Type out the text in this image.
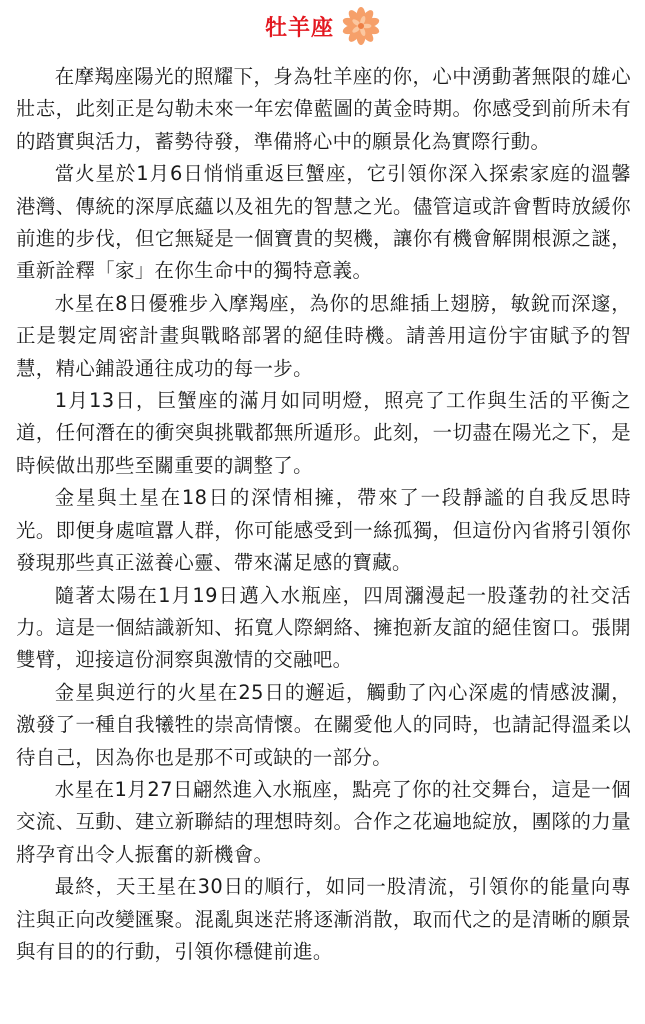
牡羊座

在摩羯座陽光的照耀下，身為牡羊座的你，心中湧動著無限的雄心壯志，此刻正是勾勒未來一年宏偉藍圖的黃金時期。你感受到前所未有的踏實與活力，蓄勢待發，準備將心中的願景化為實際行動。

當火星於1月6日悄悄重返巨蟹座，它引領你深入探索家庭的溫馨港灣、傳統的深厚底蘊以及祖先的智慧之光。儘管這或許會暫時放緩你前進的步伐，但它無疑是一個寶貴的契機，讓你有機會解開根源之謎，重新詮釋「家」在你生命中的獨特意義。

水星在8日優雅步入摩羯座，為你的思維插上翅膀，敏銳而深邃，正是製定周密計畫與戰略部署的絕佳時機。請善用這份宇宙賦予的智慧，精心鋪設通往成功的每一步。

1月13日，巨蟹座的滿月如同明燈，照亮了工作與生活的平衡之道，任何潛在的衝突與挑戰都無所遁形。此刻，一切盡在陽光之下，是時候做出那些至關重要的調整了。

金星與土星在18日的深情相擁，帶來了一段靜謐的自我反思時光。即便身處喧囂人群，你可能感受到一絲孤獨，但這份內省將引領你發現那些真正滋養心靈、帶來滿足感的寶藏。

隨著太陽在1月19日邁入水瓶座，四周瀰漫起一股蓬勃的社交活力。這是一個結識新知、拓寬人際網絡、擁抱新友誼的絕佳窗口。張開雙臂，迎接這份洞察與激情的交融吧。

金星與逆行的火星在25日的邂逅，觸動了內心深處的情感波瀾，激發了一種自我犧牲的崇高情懷。在關愛他人的同時，也請記得溫柔以待自己，因為你也是那不可或缺的一部分。

水星在1月27日翩然進入水瓶座，點亮了你的社交舞台，這是一個交流、互動、建立新聯結的理想時刻。合作之花遍地綻放，團隊的力量將孕育出令人振奮的新機會。

最終，天王星在30日的順行，如同一股清流，引領你的能量向專注與正向改變匯聚。混亂與迷茫將逐漸消散，取而代之的是清晰的願景與有目的的行動，引領你穩健前進。
